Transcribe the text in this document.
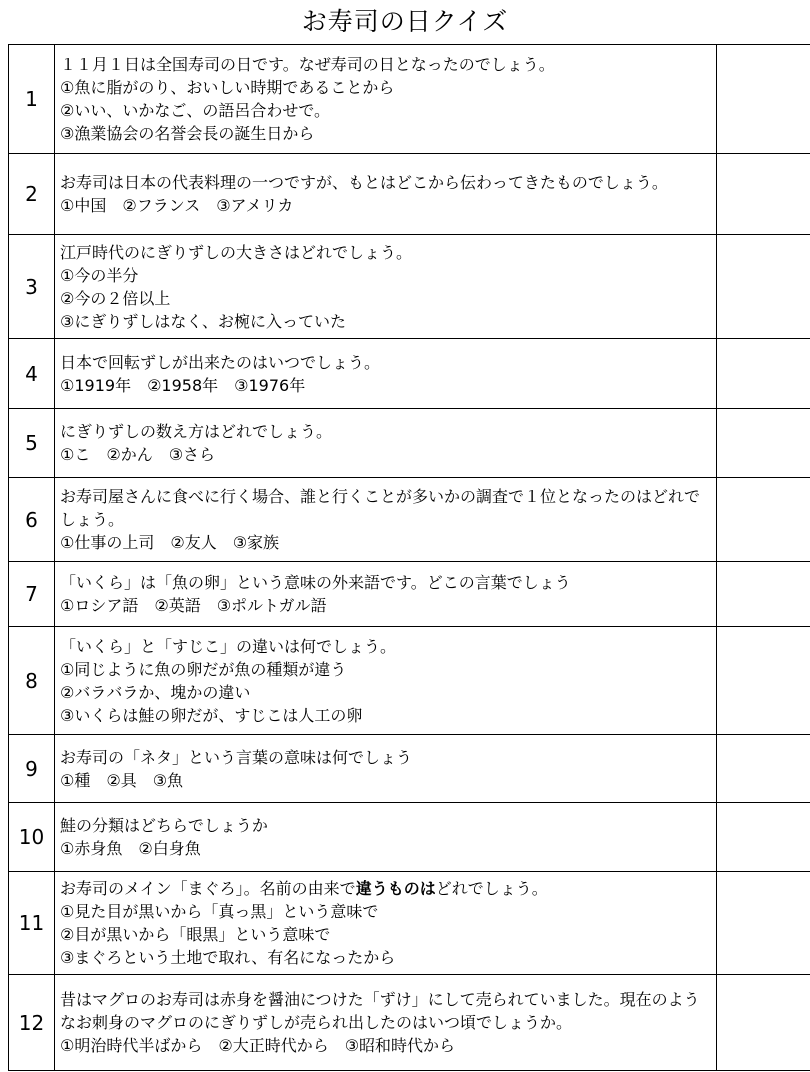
お寿司の日クイズ
1	１１月１日は全国寿司の日です。なぜ寿司の日となったのでしょう。
①魚に脂がのり、おいしい時期であることから
②いい、いかなご、の語呂合わせで。
③漁業協会の名誉会長の誕生日から	

2	お寿司は日本の代表料理の一つですが、もとはどこから伝わってきたものでしょう。
①中国　②フランス　③アメリカ	

3	江戸時代のにぎりずしの大きさはどれでしょう。
①今の半分
②今の２倍以上
③にぎりずしはなく、お椀に入っていた	

4	日本で回転ずしが出来たのはいつでしょう。
①1919年　②1958年　③1976年	

5	にぎりずしの数え方はどれでしょう。
①こ　②かん　③さら	

6	お寿司屋さんに食べに行く場合、誰と行くことが多いかの調査で１位となったのはどれでしょう。
①仕事の上司　②友人　③家族	

7	「いくら」は「魚の卵」という意味の外来語です。どこの言葉でしょう
①ロシア語　②英語　③ポルトガル語	

8	「いくら」と「すじこ」の違いは何でしょう。
①同じように魚の卵だが魚の種類が違う
②バラバラか、塊かの違い
③いくらは鮭の卵だが、すじこは人工の卵	

9	お寿司の「ネタ」という言葉の意味は何でしょう
①種　②具　③魚	

10	鮭の分類はどちらでしょうか
①赤身魚　②白身魚	

11	お寿司のメイン「まぐろ」。名前の由来で違うものはどれでしょう。
①見た目が黒いから「真っ黒」という意味で
②目が黒いから「眼黒」という意味で
③まぐろという土地で取れ、有名になったから	

12	昔はマグロのお寿司は赤身を醤油につけた「ずけ」にして売られていました。現在のようなお刺身のマグロのにぎりずしが売られ出したのはいつ頃でしょうか。
①明治時代半ばから　②大正時代から　③昭和時代から	
